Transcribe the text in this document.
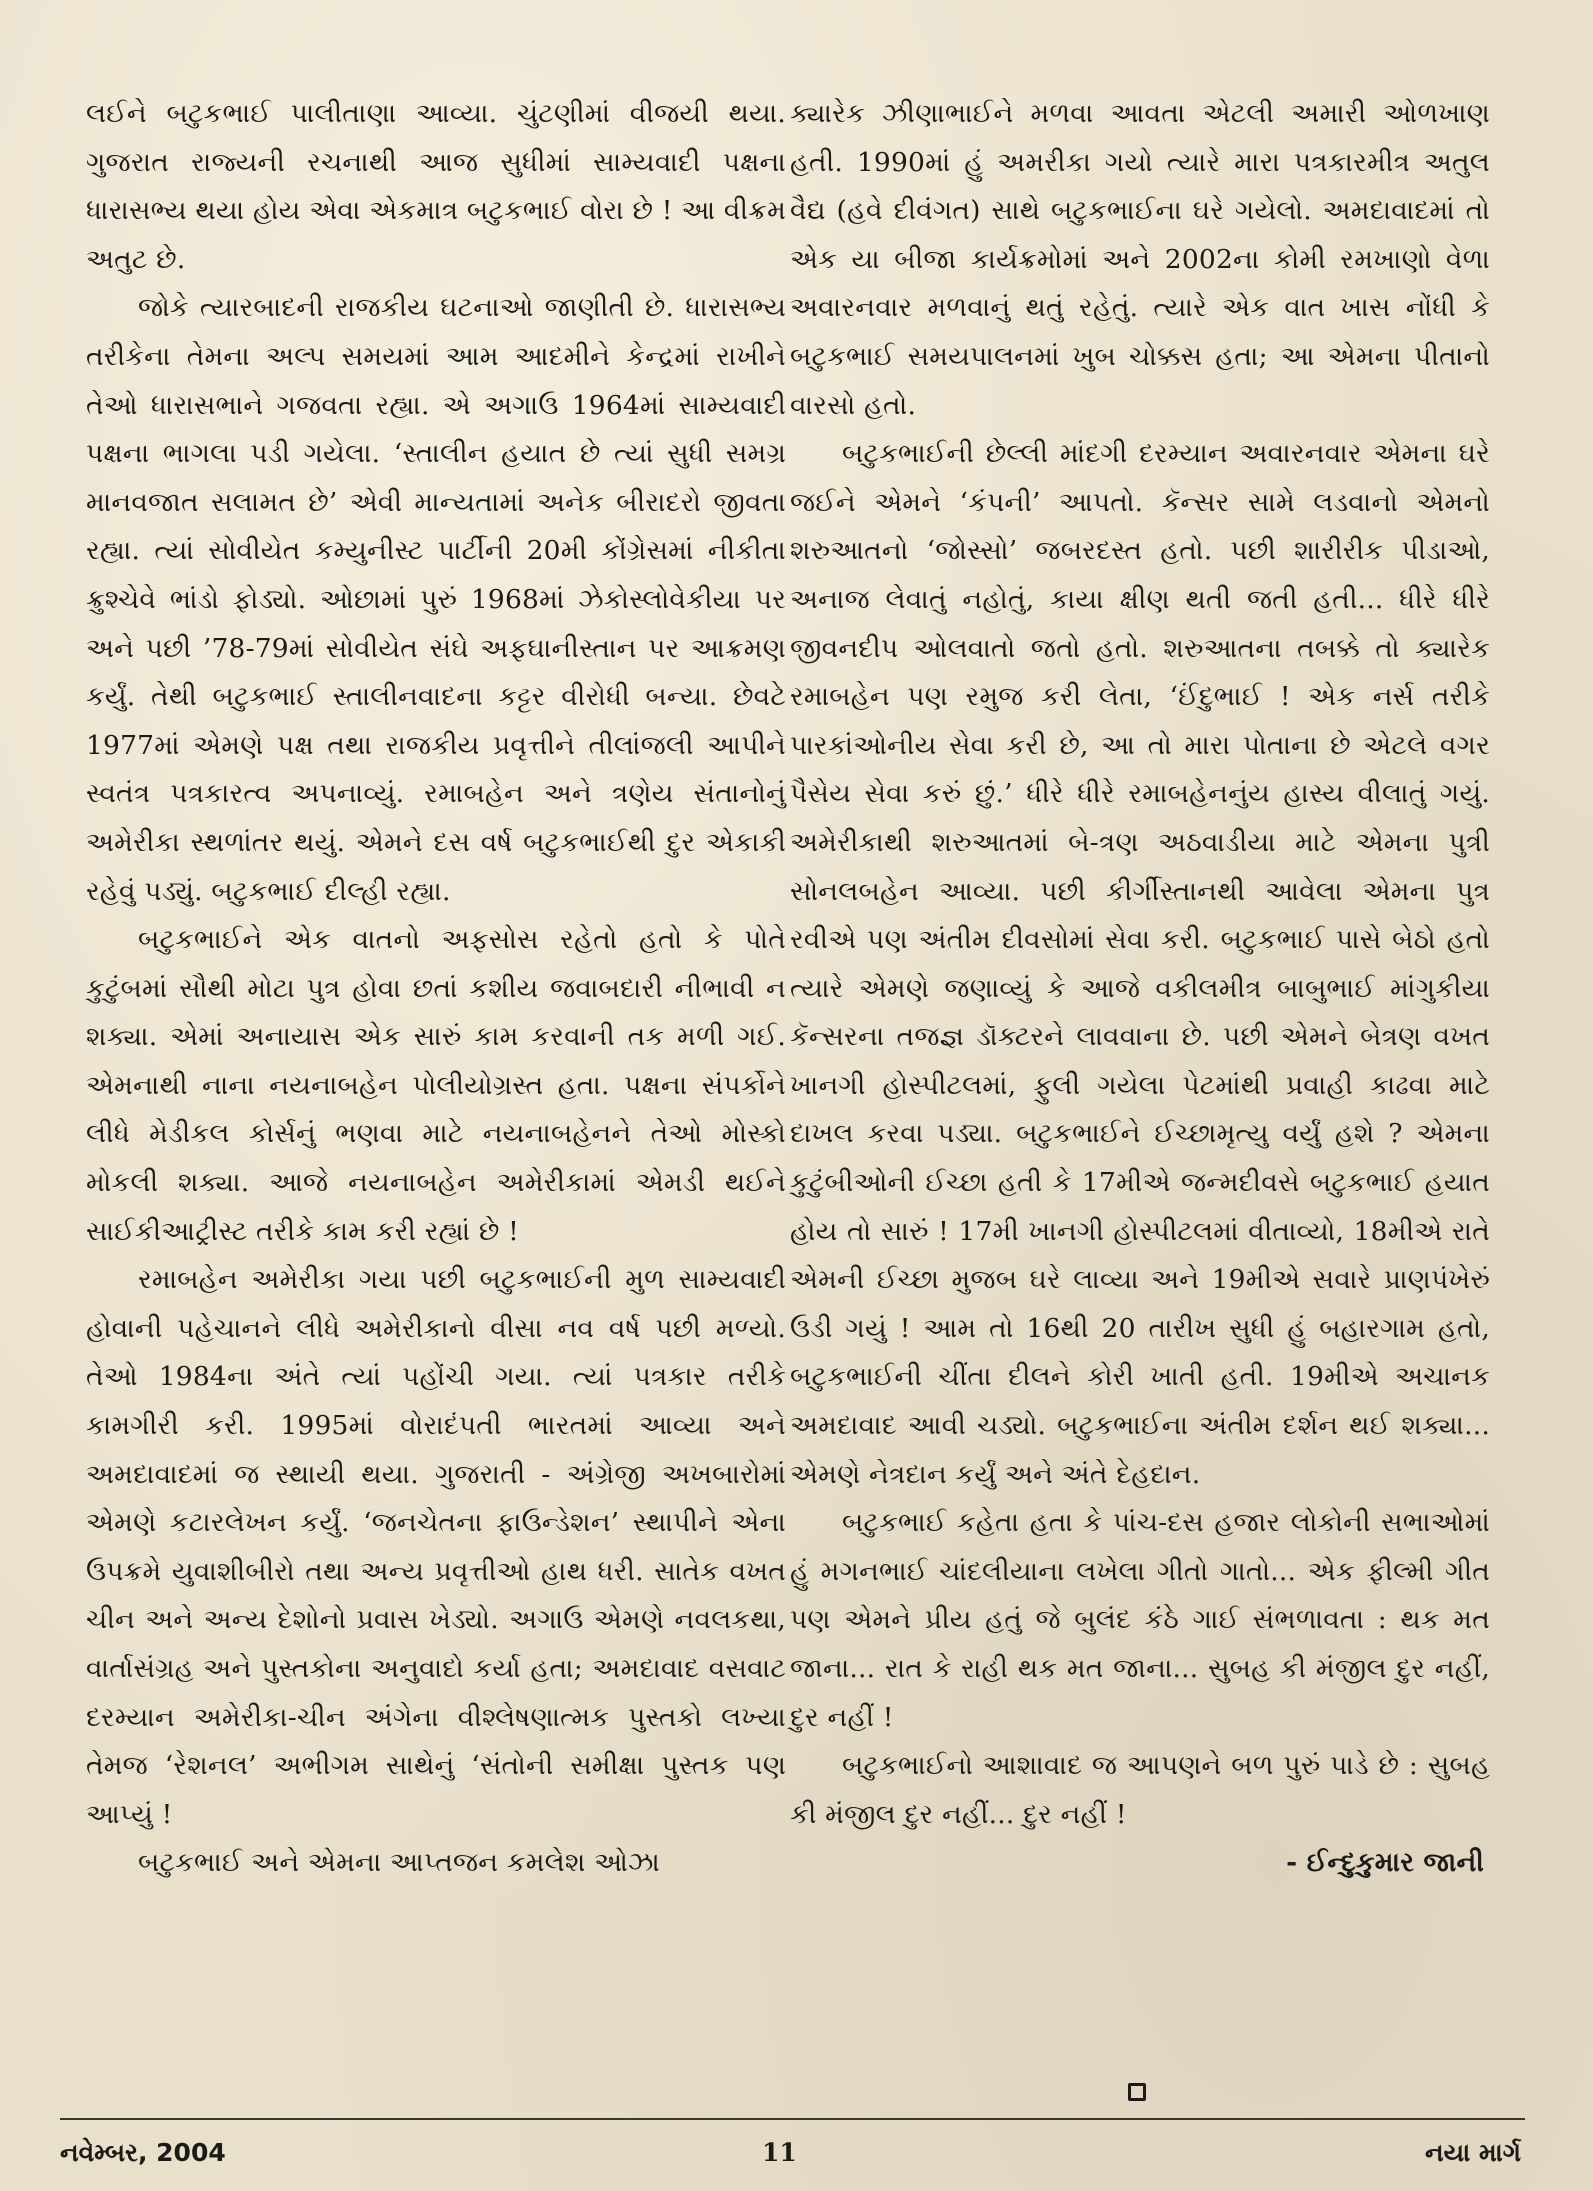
લઈને બટુકભાઈ પાલીતાણા આવ્યા. ચુંટણીમાં વીજયી થયા. ગુજરાત રાજ્યની રચનાથી આજ સુધીમાં સામ્યવાદી પક્ષના ધારાસભ્ય થયા હોય એવા એકમાત્ર બટુકભાઈ વોરા છે ! આ વીક્રમ અતુટ છે.

જોકે ત્યારબાદની રાજકીય ઘટનાઓ જાણીતી છે. ધારાસભ્ય તરીકેના તેમના અલ્પ સમયમાં આમ આદમીને કેન્દ્રમાં રાખીને તેઓ ધારાસભાને ગજવતા રહ્યા. એ અગાઉ 1964માં સામ્યવાદી પક્ષના ભાગલા પડી ગયેલા. ‘સ્તાલીન હયાત છે ત્યાં સુધી સમગ્ર માનવજાત સલામત છે’ એવી માન્યતામાં અનેક બીરાદરો જીવતા રહ્યા. ત્યાં સોવીયેત કમ્યુનીસ્ટ પાર્ટીની 20મી કોંગ્રેસમાં નીકીતા ક્રુશ્ચેવે ભાંડો ફોડ્યો. ઓછામાં પુરું 1968માં ઝેકોસ્લોવેકીયા પર અને પછી ’78-79માં સોવીયેત સંઘે અફઘાનીસ્તાન પર આક્રમણ કર્યું. તેથી બટુકભાઈ સ્તાલીનવાદના કટ્ટર વીરોધી બન્યા. છેવટે 1977માં એમણે પક્ષ તથા રાજકીય પ્રવૃત્તીને તીલાંજલી આપીને સ્વતંત્ર પત્રકારત્વ અપનાવ્યું. રમાબહેન અને ત્રણેય સંતાનોનું અમેરીકા સ્થળાંતર થયું. એમને દસ વર્ષ બટુકભાઈથી દુર એકાકી રહેવું પડ્યું. બટુકભાઈ દીલ્હી રહ્યા.

બટુકભાઈને એક વાતનો અફસોસ રહેતો હતો કે પોતે કુટુંબમાં સૌથી મોટા પુત્ર હોવા છતાં કશીય જવાબદારી નીભાવી ન શક્યા. એમાં અનાયાસ એક સારું કામ કરવાની તક મળી ગઈ. એમનાથી નાના નયનાબહેન પોલીયોગ્રસ્ત હતા. પક્ષના સંપર્કોને લીધે મેડીકલ કોર્સનું ભણવા માટે નયનાબહેનને તેઓ મોસ્કો મોકલી શક્યા. આજે નયનાબહેન અમેરીકામાં એમડી થઈને સાઈકીઆટ્રીસ્ટ તરીકે કામ કરી રહ્યાં છે !

રમાબહેન અમેરીકા ગયા પછી બટુકભાઈની મુળ સામ્યવાદી હોવાની પહેચાનને લીધે અમેરીકાનો વીસા નવ વર્ષ પછી મળ્યો. તેઓ 1984ના અંતે ત્યાં પહોંચી ગયા. ત્યાં પત્રકાર તરીકે કામગીરી કરી. 1995માં વોરાદંપતી ભારતમાં આવ્યા અને અમદાવાદમાં જ સ્થાયી થયા. ગુજરાતી - અંગ્રેજી અખબારોમાં એમણે કટારલેખન કર્યું. ‘જનચેતના ફાઉન્ડેશન’ સ્થાપીને એના ઉપક્રમે યુવાશીબીરો તથા અન્ય પ્રવૃત્તીઓ હાથ ધરી. સાતેક વખત ચીન અને અન્ય દેશોનો પ્રવાસ ખેડ્યો. અગાઉ એમણે નવલકથા, વાર્તાસંગ્રહ અને પુસ્તકોના અનુવાદો કર્યા હતા; અમદાવાદ વસવાટ દરમ્યાન અમેરીકા-ચીન અંગેના વીશ્લેષણાત્મક પુસ્તકો લખ્યા તેમજ ‘રેશનલ’ અભીગમ સાથેનું ‘સંતોની સમીક્ષા પુસ્તક પણ આપ્યું !

બટુકભાઈ અને એમના આપ્તજન કમલેશ ઓઝા

ક્યારેક ઝીણાભાઈને મળવા આવતા એટલી અમારી ઓળખાણ હતી. 1990માં હું અમરીકા ગયો ત્યારે મારા પત્રકારમીત્ર અતુલ વૈદ્ય (હવે દીવંગત) સાથે બટુકભાઈના ઘરે ગયેલો. અમદાવાદમાં તો એક યા બીજા કાર્યક્રમોમાં અને 2002ના કોમી રમખાણો વેળા અવારનવાર મળવાનું થતું રહેતું. ત્યારે એક વાત ખાસ નોંધી કે બટુકભાઈ સમયપાલનમાં ખુબ ચોક્કસ હતા; આ એમના પીતાનો વારસો હતો.

બટુકભાઈની છેલ્લી માંદગી દરમ્યાન અવારનવાર એમના ઘરે જઈને એમને ‘કંપની’ આપતો. કૅન્સર સામે લડવાનો એમનો શરુઆતનો ‘જોસ્સો’ જબરદસ્ત હતો. પછી શારીરીક પીડાઓ, અનાજ લેવાતું નહોતું, કાયા ક્ષીણ થતી જતી હતી... ધીરે ધીરે જીવનદીપ ઓલવાતો જતો હતો. શરુઆતના તબક્કે તો ક્યારેક રમાબહેન પણ રમુજ કરી લેતા, ‘ઈંદુભાઈ ! એક નર્સ તરીકે પારકાંઓનીય સેવા કરી છે, આ તો મારા પોતાના છે એટલે વગર પૈસેય સેવા કરું છું.’ ધીરે ધીરે રમાબહેનનુંય હાસ્ય વીલાતું ગયું. અમેરીકાથી શરુઆતમાં બે-ત્રણ અઠવાડીયા માટે એમના પુત્રી સોનલબહેન આવ્યા. પછી કીર્ગીસ્તાનથી આવેલા એમના પુત્ર રવીએ પણ અંતીમ દીવસોમાં સેવા કરી. બટુકભાઈ પાસે બેઠો હતો ત્યારે એમણે જણાવ્યું કે આજે વકીલમીત્ર બાબુભાઈ માંગુકીયા કૅન્સરના તજજ્ઞ ડૉક્ટરને લાવવાના છે. પછી એમને બેત્રણ વખત ખાનગી હોસ્પીટલમાં, ફુલી ગયેલા પેટમાંથી પ્રવાહી કાઢવા માટે દાખલ કરવા પડ્યા. બટુકભાઈને ઈચ્છામૃત્યુ વર્યું હશે ? એમના કુટુંબીઓની ઈચ્છા હતી કે 17મીએ જન્મદીવસે બટુકભાઈ હયાત હોય તો સારું ! 17મી ખાનગી હોસ્પીટલમાં વીતાવ્યો, 18મીએ રાતે એમની ઈચ્છા મુજબ ઘરે લાવ્યા અને 19મીએ સવારે પ્રાણપંખેરું ઉડી ગયું ! આમ તો 16થી 20 તારીખ સુધી હું બહારગામ હતો, બટુકભાઈની ચીંતા દીલને કોરી ખાતી હતી. 19મીએ અચાનક અમદાવાદ આવી ચડ્યો. બટુકભાઈના અંતીમ દર્શન થઈ શક્યા... એમણે નેત્રદાન કર્યું અને અંતે દેહદાન.

બટુકભાઈ કહેતા હતા કે પાંચ-દસ હજાર લોકોની સભાઓમાં હું મગનભાઈ ચાંદલીયાના લખેલા ગીતો ગાતો... એક ફીલ્મી ગીત પણ એમને પ્રીય હતું જે બુલંદ કંઠે ગાઈ સંભળાવતા : થક મત જાના... રાત કે રાહી થક મત જાના... સુબહ કી મંજીલ દુર નહીં, દુર નહીં !

બટુકભાઈનો આશાવાદ જ આપણને બળ પુરું પાડે છે : સુબહ કી મંજીલ દુર નહીં... દુર નહીં !

- ઈન્દુકુમાર જાની

નવેમ્બર, 2004	11	નયા માર્ગ
